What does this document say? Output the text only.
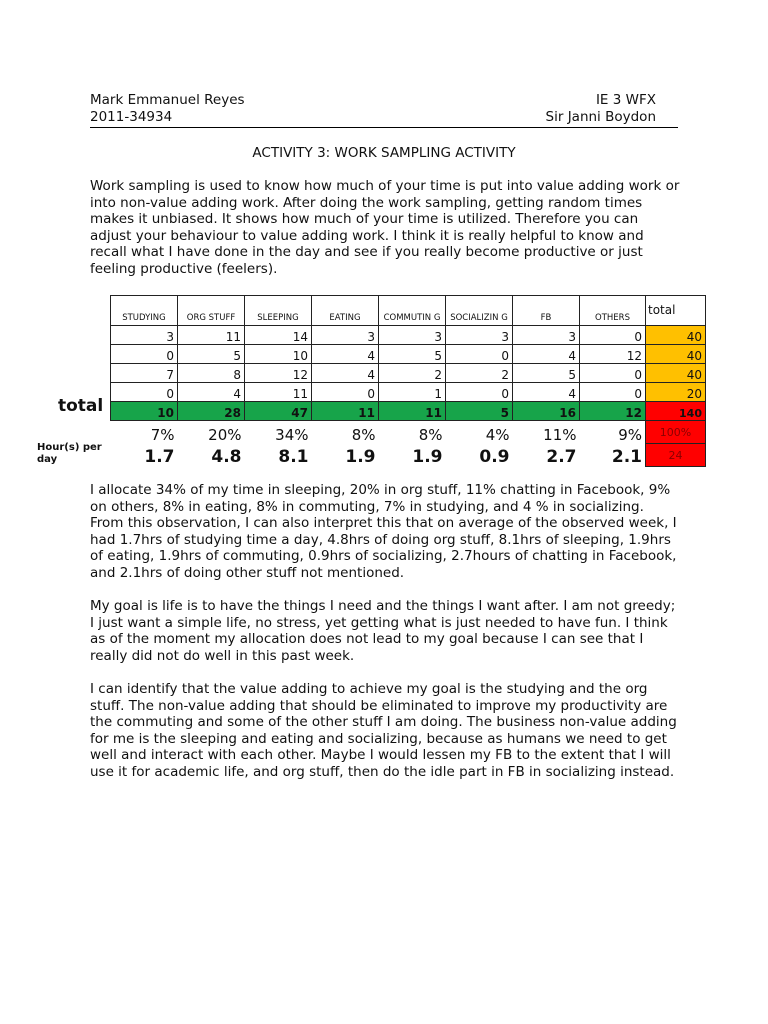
Mark Emmanuel Reyes
2011-34934
IE 3 WFX
Sir Janni Boydon
ACTIVITY 3: WORK SAMPLING ACTIVITY

Work sampling is used to know how much of your time is put into value adding work or into non-value adding work. After doing the work sampling, getting random times makes it unbiased. It shows how much of your time is utilized. Therefore you can adjust your behaviour to value adding work. I think it is really helpful to know and recall what I have done in the day and see if you really become productive or just feeling productive (feelers).

total
Hour(s) per day
STUDYING	ORG STUFF	SLEEPING	EATING	COMMUTIN G	SOCIALIZIN G	FB	OTHERS	total
3	11	14	3	3	3	3	0	40
0	5	10	4	5	0	4	12	40
7	8	12	4	2	2	5	0	40
0	4	11	0	1	0	4	0	20
10	28	47	11	11	5	16	12	140
7%	20%	34%	8%	8%	4%	11%	9%	100%
1.7	4.8	8.1	1.9	1.9	0.9	2.7	2.1	24

I allocate 34% of my time in sleeping, 20% in org stuff, 11% chatting in Facebook, 9% on others, 8% in eating, 8% in commuting, 7% in studying, and 4 % in socializing. From this observation, I can also interpret this that on average of the observed week, I had 1.7hrs of studying time a day, 4.8hrs of doing org stuff, 8.1hrs of sleeping, 1.9hrs of eating, 1.9hrs of commuting, 0.9hrs of socializing, 2.7hours of chatting in Facebook, and 2.1hrs of doing other stuff not mentioned.

My goal is life is to have the things I need and the things I want after. I am not greedy; I just want a simple life, no stress, yet getting what is just needed to have fun. I think as of the moment my allocation does not lead to my goal because I can see that I really did not do well in this past week.

I can identify that the value adding to achieve my goal is the studying and the org stuff. The non-value adding that should be eliminated to improve my productivity are the commuting and some of the other stuff I am doing. The business non-value adding for me is the sleeping and eating and socializing, because as humans we need to get well and interact with each other. Maybe I would lessen my FB to the extent that I will use it for academic life, and org stuff, then do the idle part in FB in socializing instead.
